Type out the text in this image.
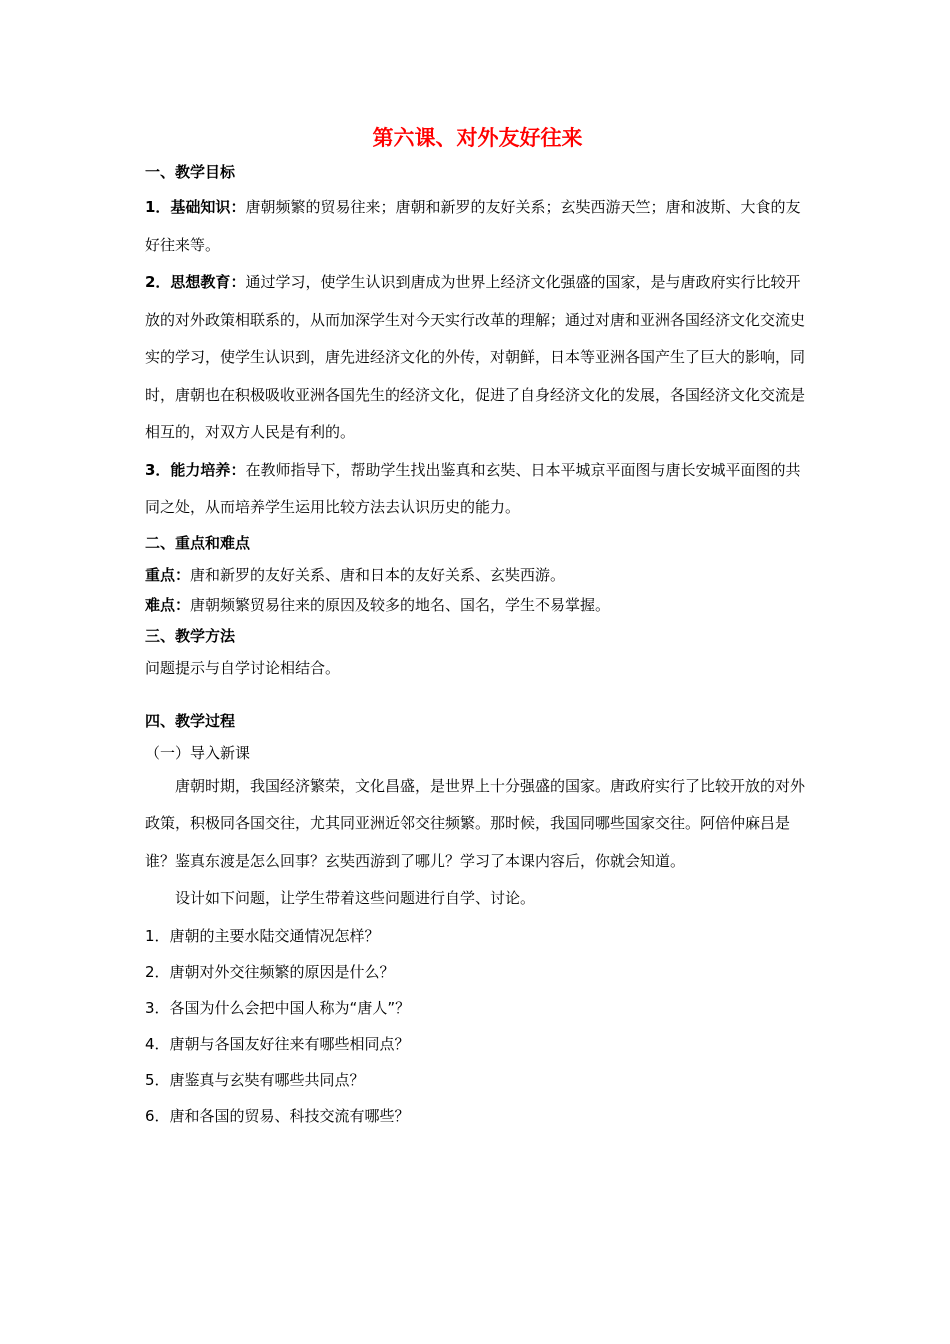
第六课、对外友好往来
一、教学目标

1．基础知识：唐朝频繁的贸易往来；唐朝和新罗的友好关系；玄奘西游天竺；唐和波斯、大食的友好往来等。

2．思想教育：通过学习，使学生认识到唐成为世界上经济文化强盛的国家，是与唐政府实行比较开放的对外政策相联系的，从而加深学生对今天实行改革的理解；通过对唐和亚洲各国经济文化交流史实的学习，使学生认识到，唐先进经济文化的外传，对朝鲜，日本等亚洲各国产生了巨大的影响，同时，唐朝也在积极吸收亚洲各国先生的经济文化，促进了自身经济文化的发展，各国经济文化交流是相互的，对双方人民是有利的。

3．能力培养：在教师指导下，帮助学生找出鉴真和玄奘、日本平城京平面图与唐长安城平面图的共同之处，从而培养学生运用比较方法去认识历史的能力。

二、重点和难点

重点：唐和新罗的友好关系、唐和日本的友好关系、玄奘西游。

难点：唐朝频繁贸易往来的原因及较多的地名、国名，学生不易掌握。

三、教学方法

问题提示与自学讨论相结合。

四、教学过程

（一）导入新课

唐朝时期，我国经济繁荣，文化昌盛，是世界上十分强盛的国家。唐政府实行了比较开放的对外政策，积极同各国交往，尤其同亚洲近邻交往频繁。那时候，我国同哪些国家交往。阿倍仲麻吕是谁？鉴真东渡是怎么回事？玄奘西游到了哪儿？学习了本课内容后，你就会知道。

设计如下问题，让学生带着这些问题进行自学、讨论。

1．唐朝的主要水陆交通情况怎样？

2．唐朝对外交往频繁的原因是什么？

3．各国为什么会把中国人称为“唐人”？

4．唐朝与各国友好往来有哪些相同点？

5．唐鉴真与玄奘有哪些共同点？

6．唐和各国的贸易、科技交流有哪些？
